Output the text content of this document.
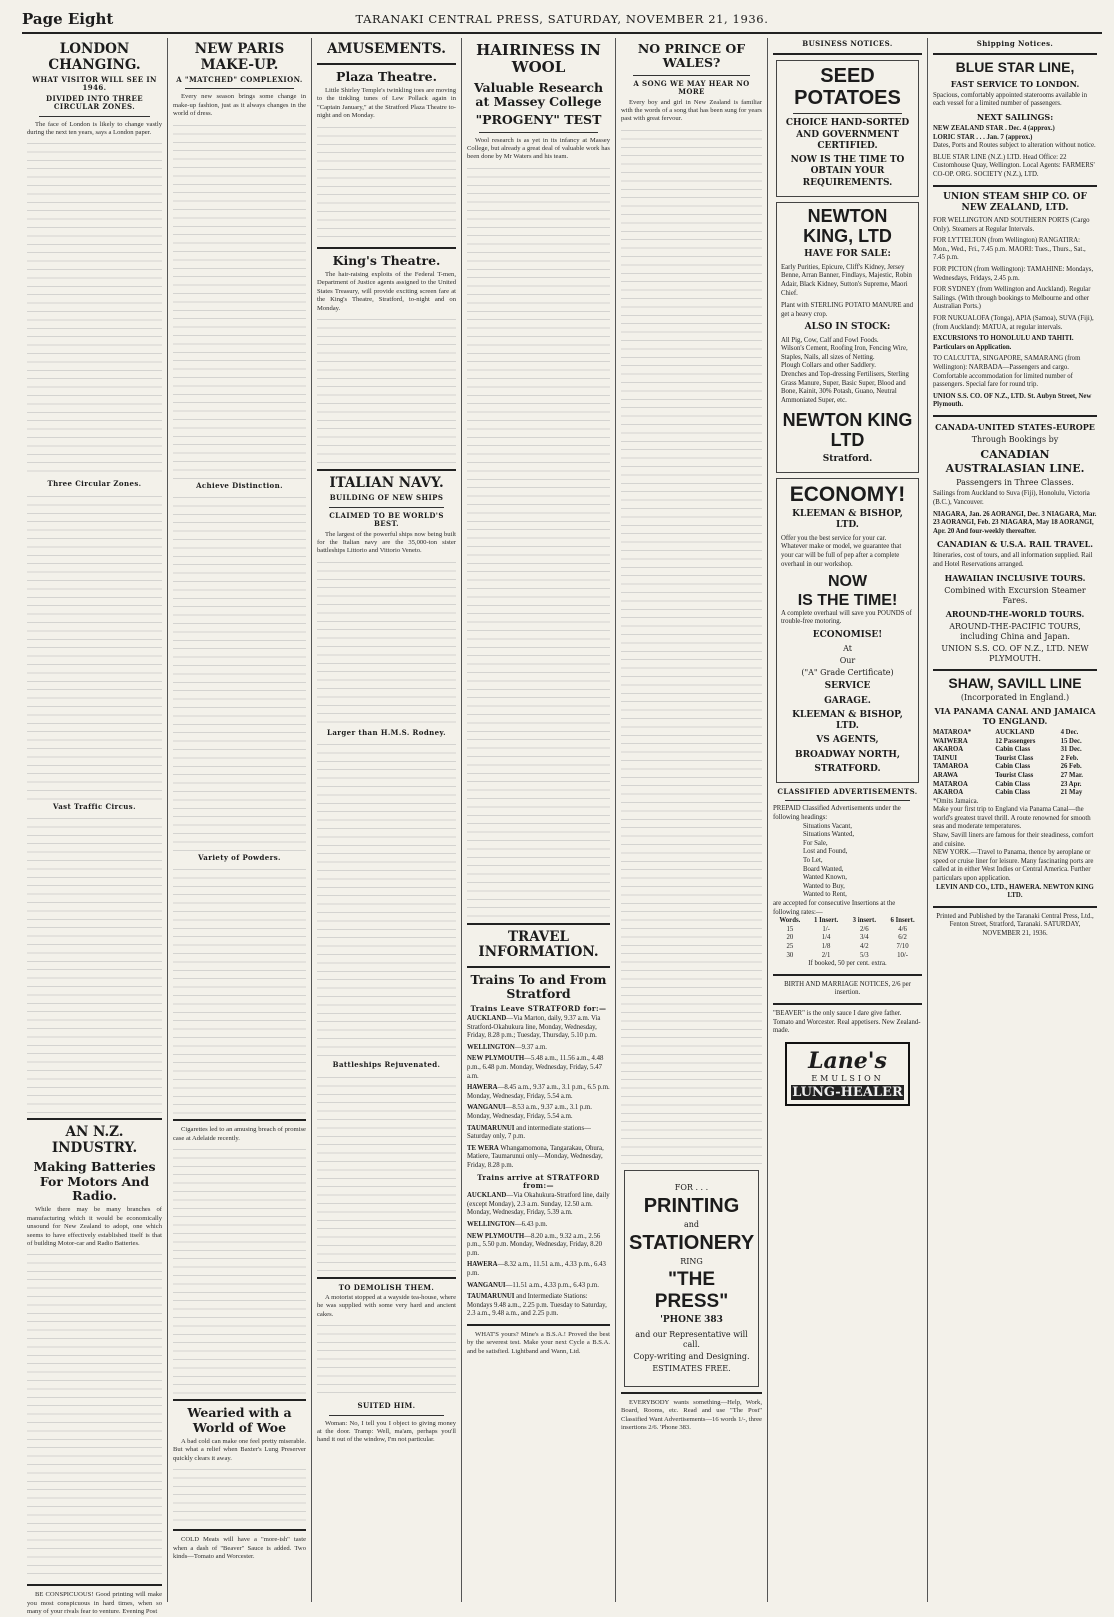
Page Eight	TARANAKI CENTRAL PRESS, SATURDAY, NOVEMBER 21, 1936.
LONDON CHANGING.
WHAT VISITOR WILL SEE IN 1946.
DIVIDED INTO THREE CIRCULAR ZONES.
The face of London is likely to change vastly during the next ten years, says a London paper.
Three Circular Zones.
Vast Traffic Circus.
AN N.Z. INDUSTRY.
Making Batteries For Motors And Radio.
While there may be many branches of manufacturing which it would be economically unsound for New Zealand to adopt, one which seems to have effectively established itself is that of building Motor-car and Radio Batteries.
BE CONSPICUOUS! Good printing will make you most conspicuous in hard times, when so many of your rivals fear to venture. Evening Post
NEW PARIS MAKE-UP.
A "MATCHED" COMPLEXION.
Every new season brings some change in make-up fashion, just as it always changes in the world of dress.
Achieve Distinction.
Variety of Powders.
Cigarettes led to an amusing breach of promise case at Adelaide recently.
Wearied with a World of Woe
A bad cold can make one feel pretty miserable. But what a relief when Baxter's Lung Preserver quickly clears it away.
COLD Meats will have a "more-ish" taste when a dash of "Beaver" Sauce is added. Two kinds—Tomato and Worcester.
AMUSEMENTS.
Plaza Theatre.
Little Shirley Temple's twinkling toes are moving to the tinkling tunes of Lew Pollack again in "Captain January," at the Stratford Plaza Theatre to-night and on Monday.
King's Theatre.
The hair-raising exploits of the Federal T-men, Department of Justice agents assigned to the United States Treasury, will provide exciting screen fare at the King's Theatre, Stratford, to-night and on Monday.
ITALIAN NAVY.
BUILDING OF NEW SHIPS
CLAIMED TO BE WORLD'S BEST.
The largest of the powerful ships now being built for the Italian navy are the 35,000-ton sister battleships Littorio and Vittorio Veneto.
Larger than H.M.S. Rodney.
Battleships Rejuvenated.
TO DEMOLISH THEM.
A motorist stopped at a wayside tea-house, where he was supplied with some very hard and ancient cakes.
SUITED HIM.
Woman: No, I tell you I object to giving money at the door. Tramp: Well, ma'am, perhaps you'll hand it out of the window, I'm not particular.
HAIRINESS IN WOOL
Valuable Research at Massey College
"PROGENY" TEST
Wool research is as yet in its infancy at Massey College, but already a great deal of valuable work has been done by Mr Waters and his team.
TRAVEL INFORMATION.
Trains To and From Stratford
Trains Leave STRATFORD for:—
AUCKLAND—Via Marton, daily, 9.37 a.m. Via Stratford-Okahukura line, Monday, Wednesday, Friday, 8.28 p.m.; Tuesday, Thursday, 5.10 p.m.
WELLINGTON—9.37 a.m.
NEW PLYMOUTH—5.48 a.m., 11.56 a.m., 4.48 p.m., 6.48 p.m. Monday, Wednesday, Friday, 5.47 a.m.
HAWERA—8.45 a.m., 9.37 a.m., 3.1 p.m., 6.5 p.m. Monday, Wednesday, Friday, 5.54 a.m.
WANGANUI—8.53 a.m., 9.37 a.m., 3.1 p.m. Monday, Wednesday, Friday, 5.54 a.m.
TAUMARUNUI and intermediate stations—Saturday only, 7 p.m.
TE WERA Whangamomona, Tangarakau, Ohura, Matiere, Taumarunui only—Monday, Wednesday, Friday, 8.28 p.m.
Trains arrive at STRATFORD from:—
AUCKLAND—Via Okahukura-Stratford line, daily (except Monday), 2.3 a.m. Sunday, 12.50 a.m. Monday, Wednesday, Friday, 5.39 a.m.
WELLINGTON—6.43 p.m.
NEW PLYMOUTH—8.20 a.m., 9.32 a.m., 2.56 p.m., 5.50 p.m. Monday, Wednesday, Friday, 8.20 p.m.
HAWERA—8.32 a.m., 11.51 a.m., 4.33 p.m., 6.43 p.m.
WANGANUI—11.51 a.m., 4.33 p.m., 6.43 p.m.
TAUMARUNUI and Intermediate Stations: Mondays 9.48 a.m., 2.25 p.m. Tuesday to Saturday, 2.3 a.m., 9.48 a.m., and 2.25 p.m.
WHAT'S yours? Mine's a B.S.A.! Proved the best by the severest test. Make your next Cycle a B.S.A. and be satisfied. Lightband and Wann, Ltd.
NO PRINCE OF WALES?
A SONG WE MAY HEAR NO MORE
Every boy and girl in New Zealand is familiar with the words of a song that has been sung for years past with great fervour.
FOR . . .
PRINTING
and
STATIONERY
RING
"THE PRESS"
'PHONE 383
and our Representative will call.
Copy-writing and Designing.
ESTIMATES FREE.
EVERYBODY wants something—Help, Work, Board, Rooms, etc. Read and use "The Post" Classified Want Advertisements—16 words 1/-, three insertions 2/6. 'Phone 383.
BUSINESS NOTICES.
SEED POTATOES
CHOICE HAND-SORTED AND GOVERNMENT CERTIFIED.
NOW IS THE TIME TO OBTAIN YOUR REQUIREMENTS.
NEWTON KING, LTD
HAVE FOR SALE:
Early Purities, Epicure, Cliff's Kidney, Jersey Benne, Arran Banner, Findlays, Majestic, Robin Adair, Black Kidney, Sutton's Supreme, Maori Chief.
Plant with STERLING POTATO MANURE and get a heavy crop.
ALSO IN STOCK:
All Pig, Cow, Calf and Fowl Foods.
Wilson's Cement, Roofing Iron, Fencing Wire, Staples, Nails, all sizes of Netting.
Plough Collars and other Saddlery.
Drenches and Top-dressing Fertilisers, Sterling Grass Manure, Super, Basic Super, Blood and Bone, Kainit, 30% Potash, Guano, Neutral Ammoniated Super, etc.
NEWTON KING LTD
Stratford.
ECONOMY!
KLEEMAN & BISHOP, LTD.
Offer you the best service for your car. Whatever make or model, we guarantee that your car will be full of pep after a complete overhaul in our workshop.
NOW
IS THE TIME!
A complete overhaul will save you POUNDS of trouble-free motoring.
ECONOMISE!
At
Our
("A" Grade Certificate)
SERVICE
GARAGE.
KLEEMAN & BISHOP, LTD.
VS AGENTS,
BROADWAY NORTH,
STRATFORD.
CLASSIFIED ADVERTISEMENTS.
PREPAID Classified Advertisements under the following headings:
Situations Vacant,
Situations Wanted,
For Sale,
Lost and Found,
To Let,
Board Wanted,
Wanted Known,
Wanted to Buy,
Wanted to Rent,
are accepted for consecutive Insertions at the following rates:—
Words.	1 Insert.	3 insert.	6 Insert.
15	1/-	2/6	4/6
20	1/4	3/4	6/2
25	1/8	4/2	7/10
30	2/1	5/3	10/-
If booked, 50 per cent. extra.
BIRTH AND MARRIAGE NOTICES, 2/6 per insertion.
"BEAVER" is the only sauce I dare give father. Tomato and Worcester. Real appetisers. New Zealand-made.
Lane's
EMULSION
LUNG-HEALER
Shipping Notices.
BLUE STAR LINE,
FAST SERVICE TO LONDON.
Spacious, comfortably appointed staterooms available in each vessel for a limited number of passengers.
NEXT SAILINGS:
NEW ZEALAND STAR . Dec. 4 (approx.)
LORIC STAR . . . Jan. 7 (approx.)
Dates, Ports and Routes subject to alteration without notice.
BLUE STAR LINE (N.Z.) LTD. Head Office: 22 Customhouse Quay, Wellington. Local Agents: FARMERS' CO-OP. ORG. SOCIETY (N.Z.), LTD.
UNION STEAM SHIP CO. OF NEW ZEALAND, LTD.
FOR WELLINGTON AND SOUTHERN PORTS (Cargo Only). Steamers at Regular Intervals.
FOR LYTTELTON (from Wellington) RANGATIRA: Mon., Wed., Fri., 7.45 p.m. MAORI: Tues., Thurs., Sat., 7.45 p.m.
FOR PICTON (from Wellington): TAMAHINE: Mondays, Wednesdays, Fridays, 2.45 p.m.
FOR SYDNEY (from Wellington and Auckland). Regular Sailings. (With through bookings to Melbourne and other Australian Ports.)
FOR NUKUALOFA (Tonga), APIA (Samoa), SUVA (Fiji), (from Auckland): MATUA, at regular intervals.
EXCURSIONS TO HONOLULU AND TAHITI. Particulars on Application.
TO CALCUTTA, SINGAPORE, SAMARANG (from Wellington): NARBADA—Passengers and cargo. Comfortable accommodation for limited number of passengers. Special fare for round trip.
UNION S.S. CO. OF N.Z., LTD. St. Aubyn Street, New Plymouth.
CANADA-UNITED STATES-EUROPE
Through Bookings by
CANADIAN AUSTRALASIAN LINE.
Passengers in Three Classes.
Sailings from Auckland to Suva (Fiji), Honolulu, Victoria (B.C.), Vancouver.
NIAGARA, Jan. 26 AORANGI, Dec. 3 NIAGARA, Mar. 23 AORANGI, Feb. 23 NIAGARA, May 18 AORANGI, Apr. 20 And four-weekly thereafter.
CANADIAN & U.S.A. RAIL TRAVEL.
Itineraries, cost of tours, and all information supplied. Rail and Hotel Reservations arranged.
HAWAIIAN INCLUSIVE TOURS.
Combined with Excursion Steamer Fares.
AROUND-THE-WORLD TOURS.
AROUND-THE-PACIFIC TOURS, including China and Japan.
UNION S.S. CO. OF N.Z., LTD. NEW PLYMOUTH.
SHAW, SAVILL LINE
(Incorporated in England.)
VIA PANAMA CANAL AND JAMAICA TO ENGLAND.
MATAROA*	AUCKLAND	4 Dec.
WAIWERA	12 Passengers	15 Dec.
AKAROA	Cabin Class	31 Dec.
TAINUI	Tourist Class	2 Feb.
TAMAROA	Cabin Class	26 Feb.
ARAWA	Tourist Class	27 Mar.
MATAROA	Cabin Class	23 Apr.
AKAROA	Cabin Class	21 May
*Omits Jamaica.
Make your first trip to England via Panama Canal—the world's greatest travel thrill. A route renowned for smooth seas and moderate temperatures.
Shaw, Savill liners are famous for their steadiness, comfort and cuisine.
NEW YORK.—Travel to Panama, thence by aeroplane or speed or cruise liner for leisure. Many fascinating ports are called at in either West Indies or Central America. Further particulars upon application.
LEVIN AND CO., LTD., HAWERA. NEWTON KING LTD.
Printed and Published by the Taranaki Central Press, Ltd., Fenton Street, Stratford, Taranaki. SATURDAY, NOVEMBER 21, 1936.
